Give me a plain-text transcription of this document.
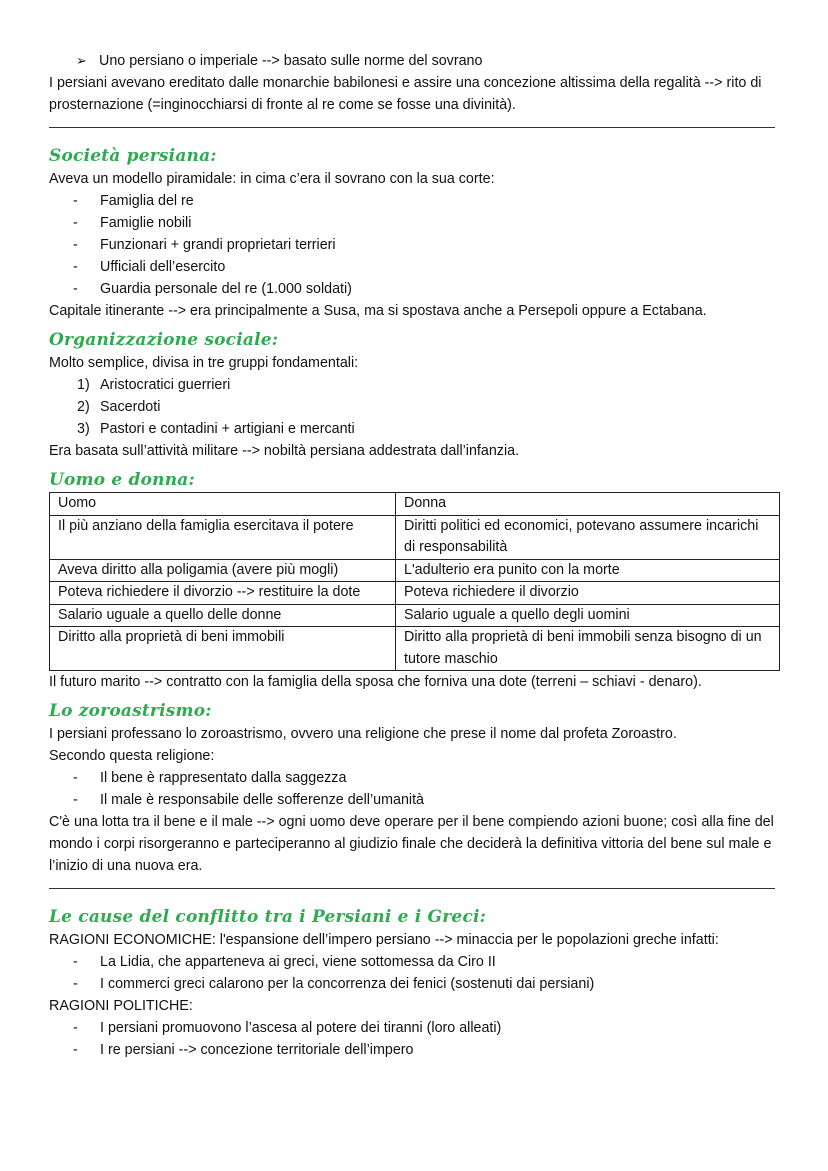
➢ Uno persiano o imperiale --> basato sulle norme del sovrano

I persiani avevano ereditato dalle monarchie babilonesi e assire una concezione altissima della regalità --> rito di prosternazione (=inginocchiarsi di fronte al re come se fosse una divinità).

Società persiana:

Aveva un modello piramidale: in cima c’era il sovrano con la sua corte:

- Famiglia del re
- Famiglie nobili
- Funzionari + grandi proprietari terrieri
- Ufficiali dell’esercito
- Guardia personale del re (1.000 soldati)

Capitale itinerante --> era principalmente a Susa, ma si spostava anche a Persepoli oppure a Ectabana.

Organizzazione sociale:

Molto semplice, divisa in tre gruppi fondamentali:

1) Aristocratici guerrieri
2) Sacerdoti
3) Pastori e contadini + artigiani e mercanti

Era basata sull’attività militare --> nobiltà persiana addestrata dall’infanzia.

Uomo e donna:
Uomo	Donna
Il più anziano della famiglia esercitava il potere	Diritti politici ed economici, potevano assumere incarichi di responsabilità
Aveva diritto alla poligamia (avere più mogli)	L'adulterio era punito con la morte
Poteva richiedere il divorzio --> restituire la dote	Poteva richiedere il divorzio
Salario uguale a quello delle donne	Salario uguale a quello degli uomini
Diritto alla proprietà di beni immobili	Diritto alla proprietà di beni immobili senza bisogno di un tutore maschio

Il futuro marito --> contratto con la famiglia della sposa che forniva una dote (terreni – schiavi - denaro).

Lo zoroastrismo:

I persiani professano lo zoroastrismo, ovvero una religione che prese il nome dal profeta Zoroastro.

Secondo questa religione:

- Il bene è rappresentato dalla saggezza
- Il male è responsabile delle sofferenze dell’umanità

C'è una lotta tra il bene e il male --> ogni uomo deve operare per il bene compiendo azioni buone; così alla fine del mondo i corpi risorgeranno e parteciperanno al giudizio finale che deciderà la definitiva vittoria del bene sul male e l’inizio di una nuova era.

Le cause del conflitto tra i Persiani e i Greci:

RAGIONI ECONOMICHE: l'espansione dell’impero persiano --> minaccia per le popolazioni greche infatti:

- La Lidia, che apparteneva ai greci, viene sottomessa da Ciro II
- I commerci greci calarono per la concorrenza dei fenici (sostenuti dai persiani)

RAGIONI POLITICHE:

- I persiani promuovono l’ascesa al potere dei tiranni (loro alleati)
- I re persiani --> concezione territoriale dell’impero
